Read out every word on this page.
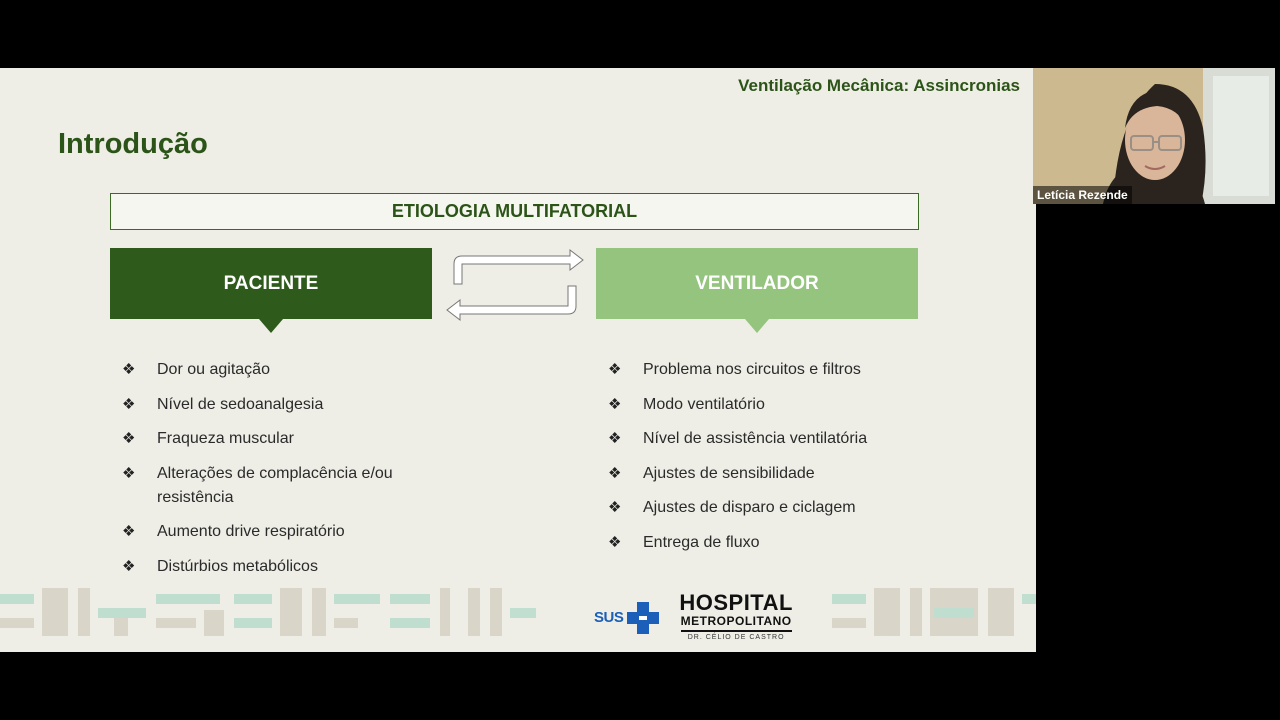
Ventilação Mecânica: Assincronias
Introdução
ETIOLOGIA MULTIFATORIAL
PACIENTE	VENTILADOR
❖ Dor ou agitação
❖ Nível de sedoanalgesia
❖ Fraqueza muscular
❖ Alterações de complacência e/ou resistência
❖ Aumento drive respiratório
❖ Distúrbios metabólicos
❖ Problema nos circuitos e filtros
❖ Modo ventilatório
❖ Nível de assistência ventilatória
❖ Ajustes de sensibilidade
❖ Ajustes de disparo e ciclagem
❖ Entrega de fluxo
SUS
HOSPITAL
METROPOLITANO
DR. CÉLIO DE CASTRO
Letícia Rezende
